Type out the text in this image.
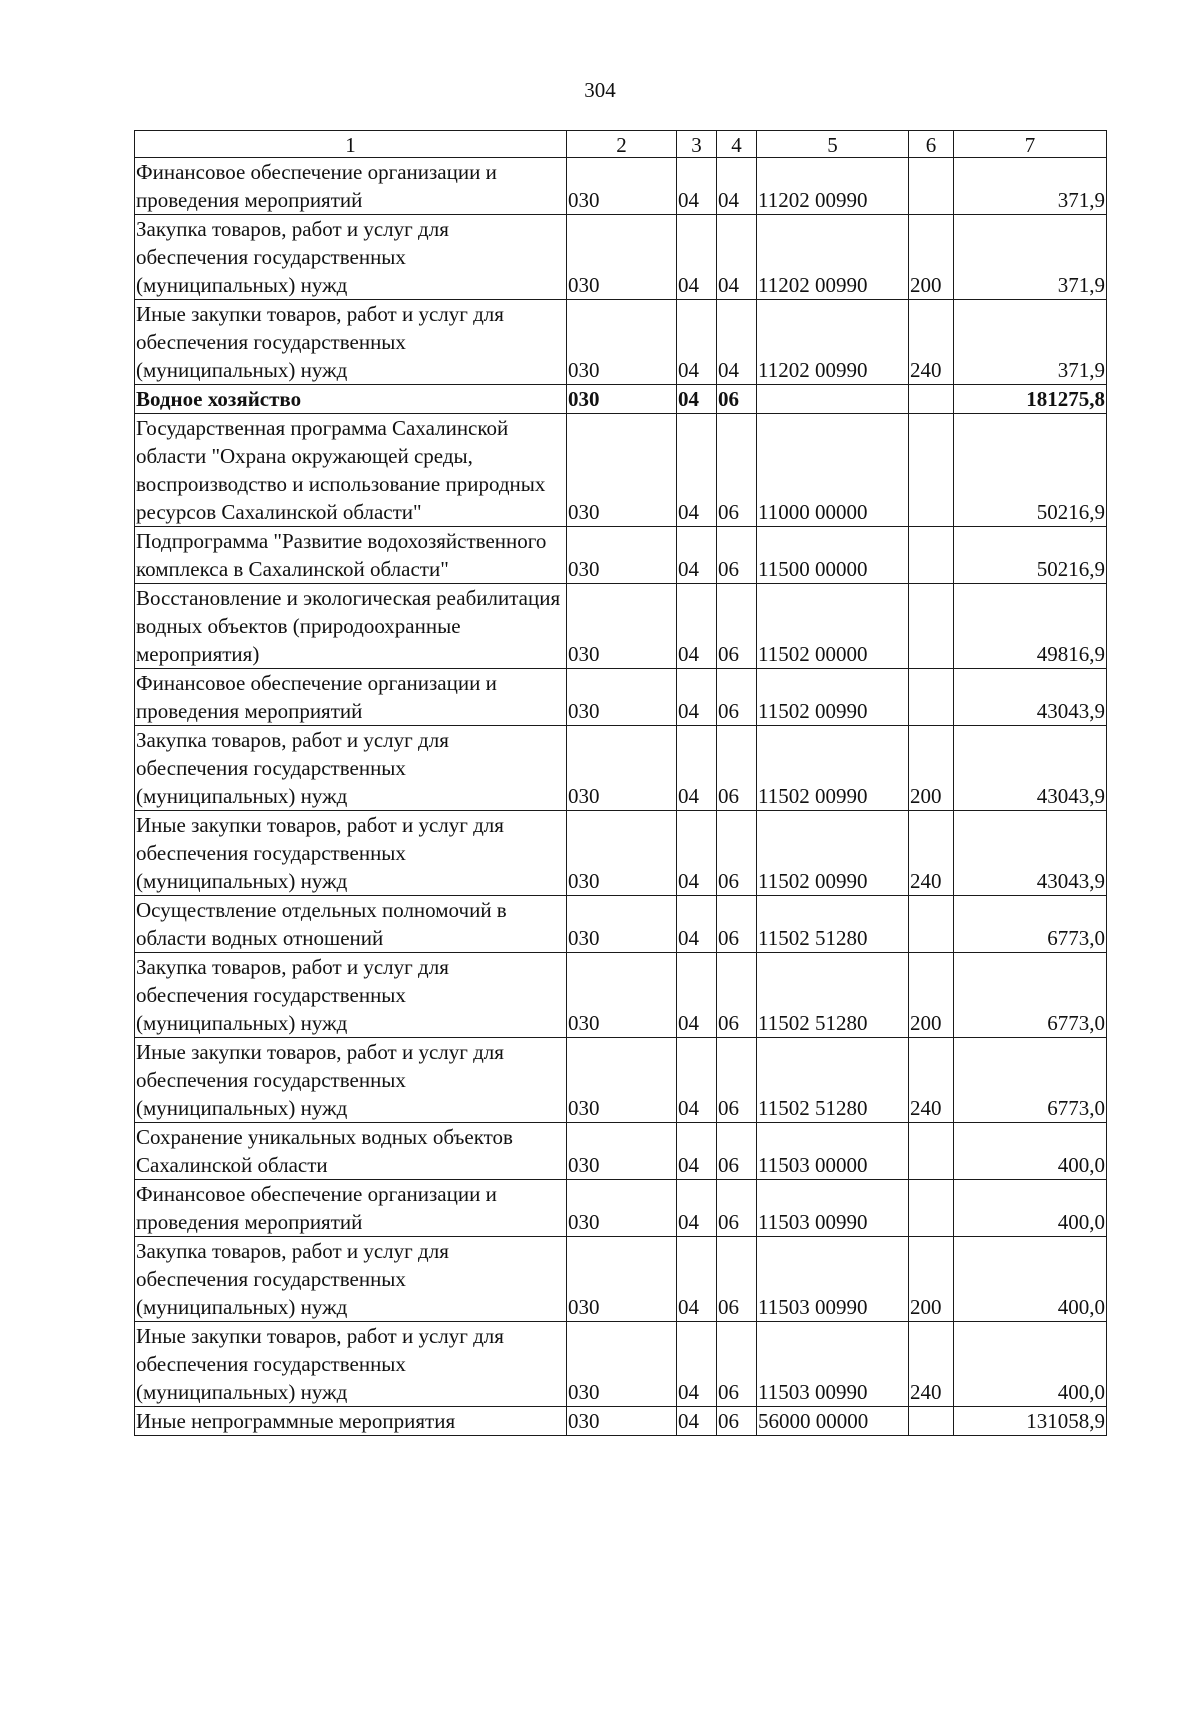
304
1	2	3	4	5	6	7
Финансовое обеспечение организации и проведения мероприятий	030	04	04	11202 00990		371,9
Закупка товаров, работ и услуг для обеспечения государственных (муниципальных) нужд	030	04	04	11202 00990	200	371,9
Иные закупки товаров, работ и услуг для обеспечения государственных (муниципальных) нужд	030	04	04	11202 00990	240	371,9
Водное хозяйство	030	04	06			181275,8
Государственная программа Сахалинской области "Охрана окружающей среды, воспроизводство и использование природных ресурсов Сахалинской области"	030	04	06	11000 00000		50216,9
Подпрограмма "Развитие водохозяйственного комплекса в Сахалинской области"	030	04	06	11500 00000		50216,9
Восстановление и экологическая реабилитация водных объектов (природоохранные мероприятия)	030	04	06	11502 00000		49816,9
Финансовое обеспечение организации и проведения мероприятий	030	04	06	11502 00990		43043,9
Закупка товаров, работ и услуг для обеспечения государственных (муниципальных) нужд	030	04	06	11502 00990	200	43043,9
Иные закупки товаров, работ и услуг для обеспечения государственных (муниципальных) нужд	030	04	06	11502 00990	240	43043,9
Осуществление отдельных полномочий в области водных отношений	030	04	06	11502 51280		6773,0
Закупка товаров, работ и услуг для обеспечения государственных (муниципальных) нужд	030	04	06	11502 51280	200	6773,0
Иные закупки товаров, работ и услуг для обеспечения государственных (муниципальных) нужд	030	04	06	11502 51280	240	6773,0
Сохранение уникальных водных объектов Сахалинской области	030	04	06	11503 00000		400,0
Финансовое обеспечение организации и проведения мероприятий	030	04	06	11503 00990		400,0
Закупка товаров, работ и услуг для обеспечения государственных (муниципальных) нужд	030	04	06	11503 00990	200	400,0
Иные закупки товаров, работ и услуг для обеспечения государственных (муниципальных) нужд	030	04	06	11503 00990	240	400,0
Иные непрограммные мероприятия	030	04	06	56000 00000		131058,9
